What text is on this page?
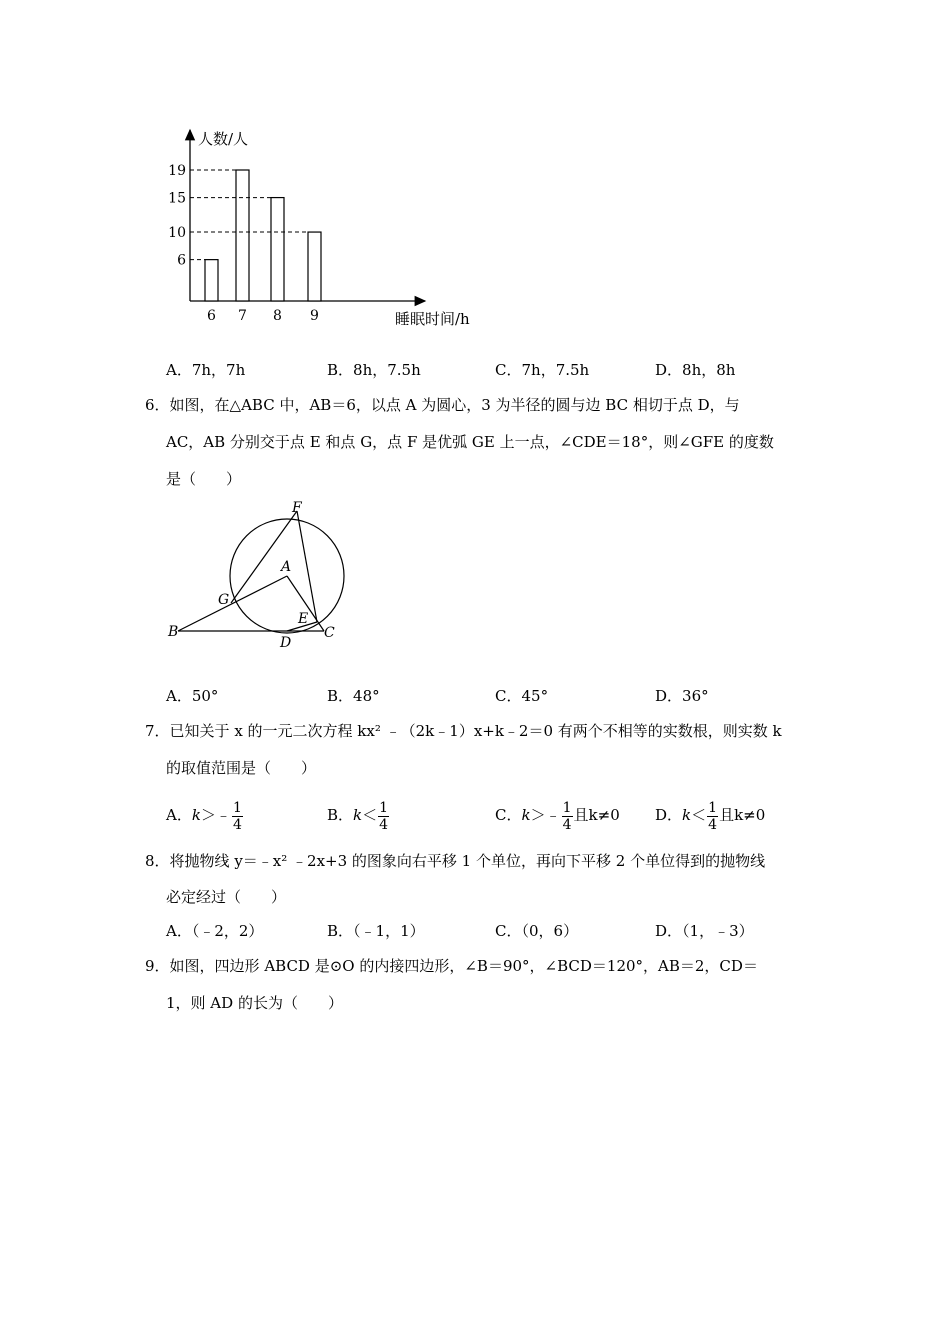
人数/人
睡眠时间/h
6 7 8 9
6
10
15
19
A．7h，7h	B．8h，7.5h	C．7h，7.5h	D．8h，8h
6．如图，在△ABC 中，AB＝6，以点 A 为圆心，3 为半径的圆与边 BC 相切于点 D，与
AC，AB 分别交于点 E 和点 G，点 F 是优弧 GE 上一点，∠CDE＝18°，则∠GFE 的度数
是（　　）
F
A
G
E
B
D
C
A．50°	B．48°	C．45°	D．36°
7．已知关于 x 的一元二次方程 kx² ﹣（2k﹣1）x+k﹣2＝0 有两个不相等的实数根，则实数 k
的取值范围是（　　）
A．k＞﹣ $\frac{1}{4}$	B．$k< \frac{1}{4}$	C．k＞﹣ $\frac{1}{4}$ 且k≠0 D．$k< \frac{1}{4}$ 且k≠0
8．将抛物线 y＝﹣x² ﹣2x+3 的图象向右平移 1 个单位，再向下平移 2 个单位得到的抛物线
必定经过（　　）
A．（﹣2，2）	B．（﹣1，1）	C．（0，6）	D．（1，﹣3）
9．如图，四边形 ABCD 是⊙O 的内接四边形，∠B＝90°，∠BCD＝120°，AB＝2，CD＝
1，则 AD 的长为（　　）
